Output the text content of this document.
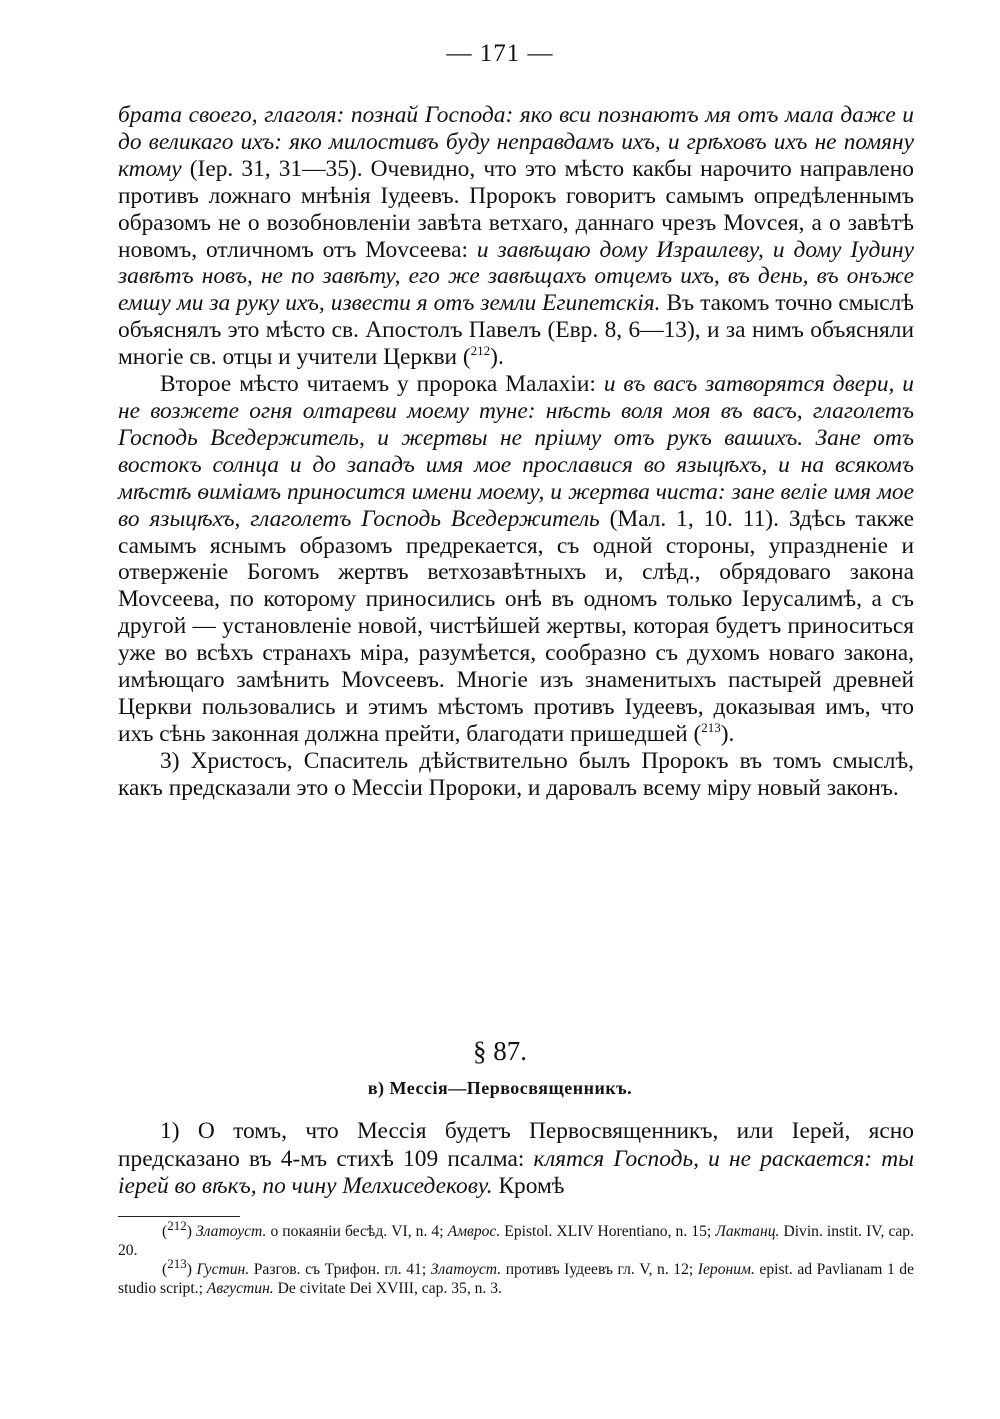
— 171 —

брата своего, глаголя: познай Господа: яко вси познаютъ мя отъ мала даже и до великаго ихъ: яко милостивъ буду неправдамъ ихъ, и грѣховъ ихъ не помяну ктому (Iер. 31, 31—35). Очевидно, что это мѣсто какбы нарочито направлено противъ ложнаго мнѣнія Iудеевъ. Пророкъ говоритъ самымъ опредѣленнымъ образомъ не о возобновленіи завѣта ветхаго, даннаго чрезъ Моvсея, а о завѣтѣ новомъ, отличномъ отъ Моvсеева: и завѣщаю дому Израилеву, и дому Iудину завѣтъ новъ, не по завѣту, его же завѣщахъ отцемъ ихъ, въ день, въ онъже емшу ми за руку ихъ, извести я отъ земли Египетскія. Въ такомъ точно смыслѣ объяснялъ это мѣсто св. Апостолъ Павелъ (Евр. 8, 6—13), и за нимъ объясняли многіе св. отцы и учители Церкви ($^{212}$).

Второе мѣсто читаемъ у пророка Малахіи: и въ васъ затворятся двери, и не возжете огня олтареви моему туне: нѣсть воля моя въ васъ, глаголетъ Господь Вседержитель, и жертвы не пріиму отъ рукъ вашихъ. Зане отъ востокъ солнца и до западъ имя мое прославися во языцѣхъ, и на всякомъ мѣстѣ ѳиміамъ приносится имени моему, и жертва чиста: зане веліе имя мое во языцѣхъ, глаголетъ Господь Вседержитель (Мал. 1, 10. 11). Здѣсь также самымъ яснымъ образомъ предрекается, съ одной стороны, упраздненіе и отверженіе Богомъ жертвъ ветхозавѣтныхъ и, слѣд., обрядоваго закона Моvсеева, по которому приносились онѣ въ одномъ только Iерусалимѣ, а съ другой — установленіе новой, чистѣйшей жертвы, которая будетъ приноситься уже во всѣхъ странахъ міра, разумѣется, сообразно съ духомъ новаго закона, имѣющаго замѣнить Моvсеевъ. Многіе изъ знаменитыхъ пастырей древней Церкви пользовались и этимъ мѣстомъ противъ Iудеевъ, доказывая имъ, что ихъ сѣнь законная должна прейти, благодати пришедшей ($^{213}$).

3) Христосъ, Спаситель дѣйствительно былъ Пророкъ въ томъ смыслѣ, какъ предсказали это о Мессіи Пророки, и даровалъ всему міру новый законъ.

§ 87.
в) Мессія—Первосвященникъ.

1) О томъ, что Мессія будетъ Первосвященникъ, или Iерей, ясно предсказано въ 4-мъ стихѣ 109 псалма: клятся Господь, и не раскается: ты іерей во вѣкъ, по чину Мелхиседекову. Кромѣ

($^{212}$) Златоуст. о покаяніи бесѣд. VI, n. 4; Амврос. Epistol. XLIV Horentiano, n. 15; Лактанц. Divin. instit. IV, cap. 20.

($^{213}$) Густин. Разгов. съ Трифон. гл. 41; Златоуст. противъ Iудеевъ гл. V, n. 12; Iероним. epist. ad Pavlianam 1 de studio script.; Августин. De civitate Dei XVIII, cap. 35, n. 3.
